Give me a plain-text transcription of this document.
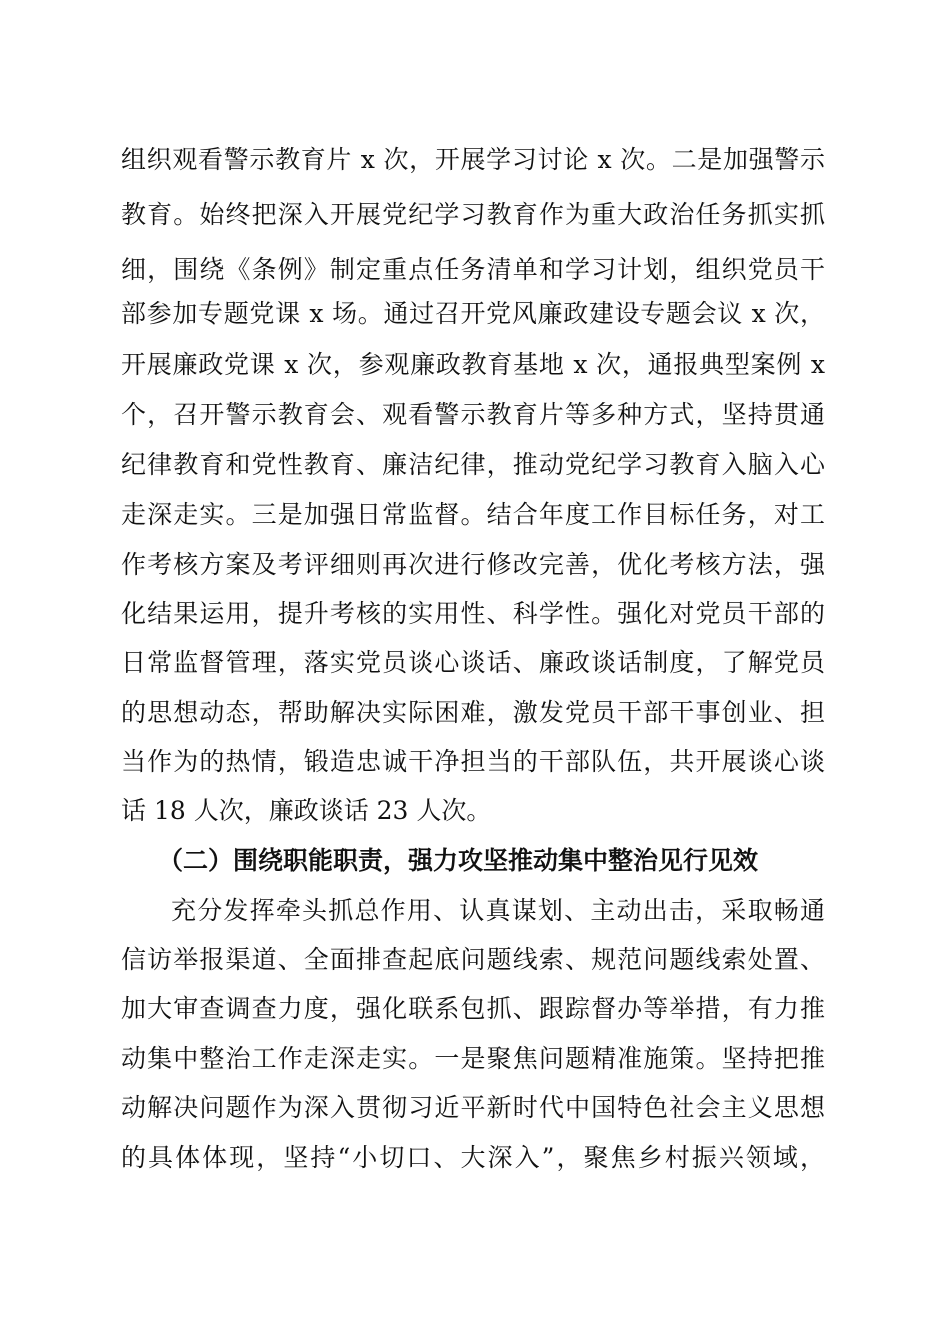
组织观看警示教育片 x 次，开展学习讨论 x 次。二是加强警示
教育。始终把深入开展党纪学习教育作为重大政治任务抓实抓
细，围绕《条例》制定重点任务清单和学习计划，组织党员干
部参加专题党课 x 场。通过召开党风廉政建设专题会议 x 次，
开展廉政党课 x 次，参观廉政教育基地 x 次，通报典型案例 x
个，召开警示教育会、观看警示教育片等多种方式，坚持贯通
纪律教育和党性教育、廉洁纪律，推动党纪学习教育入脑入心
走深走实。三是加强日常监督。结合年度工作目标任务，对工
作考核方案及考评细则再次进行修改完善，优化考核方法，强
化结果运用，提升考核的实用性、科学性。强化对党员干部的
日常监督管理，落实党员谈心谈话、廉政谈话制度，了解党员
的思想动态，帮助解决实际困难，激发党员干部干事创业、担
当作为的热情，锻造忠诚干净担当的干部队伍，共开展谈心谈
话 18 人次，廉政谈话 23 人次。
（二）围绕职能职责，强力攻坚推动集中整治见行见效
充分发挥牵头抓总作用、认真谋划、主动出击，采取畅通
信访举报渠道、全面排查起底问题线索、规范问题线索处置、
加大审查调查力度，强化联系包抓、跟踪督办等举措，有力推
动集中整治工作走深走实。一是聚焦问题精准施策。坚持把推
动解决问题作为深入贯彻习近平新时代中国特色社会主义思想
的具体体现，坚持“小切口、大深入”，聚焦乡村振兴领域，
